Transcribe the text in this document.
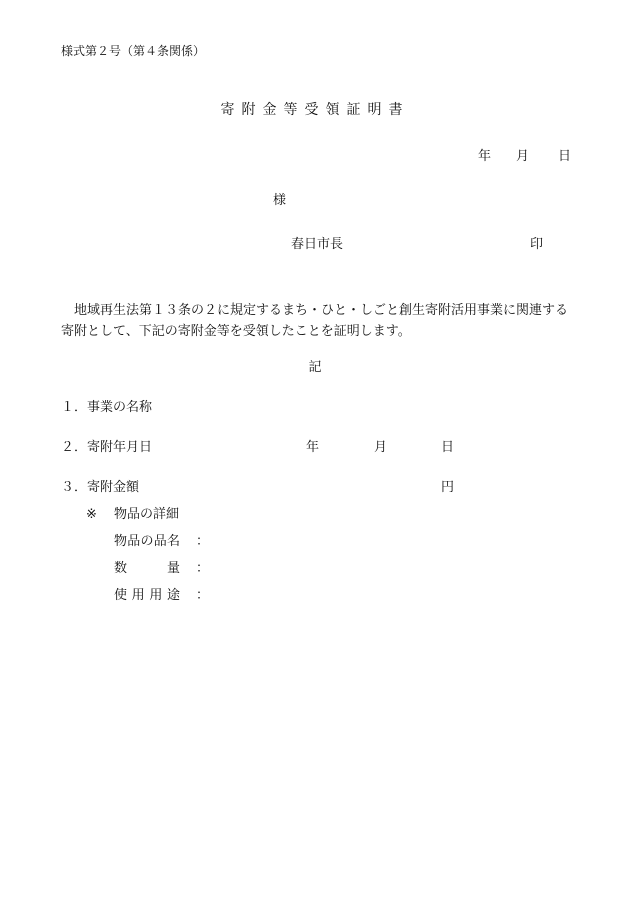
様式第２号（第４条関係）
寄附金等受領証明書
年 月 日
様
春日市長	印
地域再生法第１３条の２に規定するまち・ひと・しごと創生寄附活用事業に関連する寄附として、下記の寄附金等を受領したことを証明します。
記
１．事業の名称
２．寄附年月日	年	月	日
３．寄附金額	円
※ 物品の詳細
物 品 の 品 名 ：
数	量 ：
使 用 用 途 ：
